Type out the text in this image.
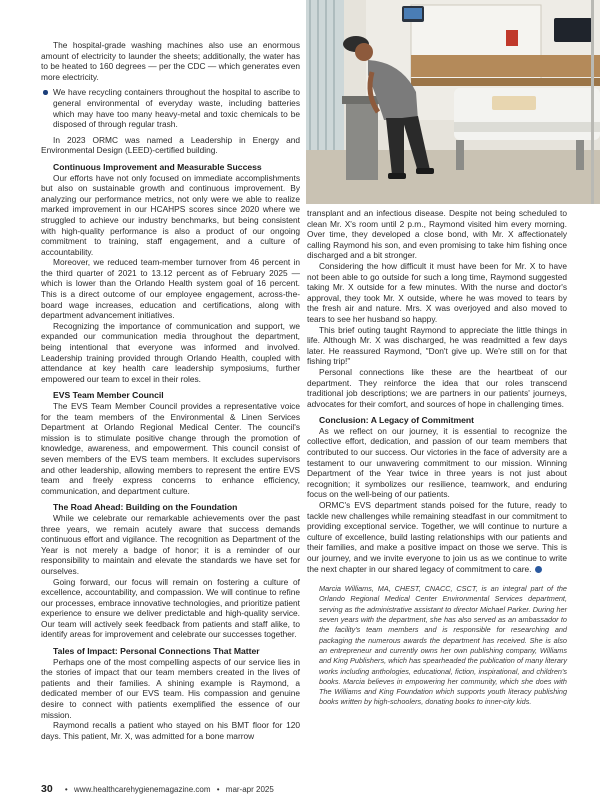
The hospital-grade washing machines also use an enormous amount of electricity to launder the sheets; additionally, the water has to be heated to 160 degrees — per the CDC — which generates even more electricity.

We have recycling containers throughout the hospital to ascribe to general environmental of everyday waste, including batteries which may have too many heavy-metal and toxic chemicals to be disposed of through regular trash.

In 2023 ORMC was named a Leadership in Energy and Environmental Design (LEED)-certified building.

Continuous Improvement and Measurable Success

Our efforts have not only focused on immediate accomplishments but also on sustainable growth and continuous improvement. By analyzing our performance metrics, not only were we able to realize marked improvement in our HCAHPS scores since 2020 where we struggled to achieve our industry benchmarks, but being consistent with high-quality performance is also a product of our ongoing commitment to training, staff engagement, and a culture of accountability.

Moreover, we reduced team-member turnover from 46 percent in the third quarter of 2021 to 13.12 percent as of February 2025 — which is lower than the Orlando Health system goal of 16 percent. This is a direct outcome of our employee engagement, across-the-board wage increases, education and certifications, along with department advancement initiatives.

Recognizing the importance of communication and support, we expanded our communication media throughout the department, being intentional that everyone was informed and involved. Leadership training provided through Orlando Health, coupled with attendance at key health care leadership symposiums, further empowered our team to excel in their roles.

EVS Team Member Council

The EVS Team Member Council provides a representative voice for the team members of the Environmental & Linen Services Department at Orlando Regional Medical Center. The council's mission is to stimulate positive change through the promotion of knowledge, awareness, and empowerment. This council consist of seven members of the EVS team members. It excludes supervisors and other leadership, allowing members to represent the entire EVS team and freely express concerns to enhance efficiency, communication, and department culture.

The Road Ahead: Building on the Foundation

While we celebrate our remarkable achievements over the past three years, we remain acutely aware that success demands continuous effort and vigilance. The recognition as Department of the Year is not merely a badge of honor; it is a reminder of our responsibility to maintain and elevate the standards we have set for ourselves.

Going forward, our focus will remain on fostering a culture of excellence, accountability, and compassion. We will continue to refine our processes, embrace innovative technologies, and prioritize patient experience to ensure we deliver predictable and high-quality service. Our team will actively seek feedback from patients and staff alike, to identify areas for improvement and celebrate our successes together.

Tales of Impact: Personal Connections That Matter

Perhaps one of the most compelling aspects of our service lies in the stories of impact that our team members created in the lives of patients and their families. A shining example is Raymond, a dedicated member of our EVS team. His compassion and genuine desire to connect with patients exemplified the essence of our mission.

Raymond recalls a patient who stayed on his BMT floor for 120 days. This patient, Mr. X, was admitted for a bone marrow

transplant and an infectious disease. Despite not being scheduled to clean Mr. X's room until 2 p.m., Raymond visited him every morning. Over time, they developed a close bond, with Mr. X affectionately calling Raymond his son, and even promising to take him fishing once discharged and a bit stronger.

Considering the how difficult it must have been for Mr. X to have not been able to go outside for such a long time, Raymond suggested taking Mr. X outside for a few minutes. With the nurse and doctor's approval, they took Mr. X outside, where he was moved to tears by the fresh air and nature. Mrs. X was overjoyed and also moved to tears to see her husband so happy.

This brief outing taught Raymond to appreciate the little things in life. Although Mr. X was discharged, he was readmitted a few days later. He reassured Raymond, "Don't give up. We're still on for that fishing trip!"

Personal connections like these are the heartbeat of our department. They reinforce the idea that our roles transcend traditional job descriptions; we are partners in our patients' journeys, advocates for their comfort, and sources of hope in challenging times.

Conclusion: A Legacy of Commitment

As we reflect on our journey, it is essential to recognize the collective effort, dedication, and passion of our team members that contributed to our success. Our victories in the face of adversity are a testament to our unwavering commitment to our mission. Winning Department of the Year twice in three years is not just about recognition; it symbolizes our resilience, teamwork, and enduring focus on the well-being of our patients.

ORMC's EVS department stands poised for the future, ready to tackle new challenges while remaining steadfast in our commitment to providing exceptional service. Together, we will continue to nurture a culture of excellence, build lasting relationships with our patients and their families, and make a positive impact on those we serve. This is our journey, and we invite everyone to join us as we continue to write the next chapter in our shared legacy of commitment to care.

Marcia Williams, MA, CHEST, CNACC, CSCT, is an integral part of the Orlando Regional Medical Center Environmental Services department, serving as the administrative assistant to director Michael Parker. During her seven years with the department, she has also served as an ambassador to the facility's team members and is responsible for researching and packaging the numerous awards the department has received. She is also an entrepreneur and currently owns her own publishing company, Williams and King Publishers, which has spearheaded the publication of many literary works including anthologies, educational, fiction, inspirational, and children's books. Marcia believes in empowering her community, which she does with The Williams and King Foundation which supports youth literacy publishing books written by high-schoolers, donating books to inner-city kids.

30 • www.healthcarehygienemagazine.com • mar-apr 2025
